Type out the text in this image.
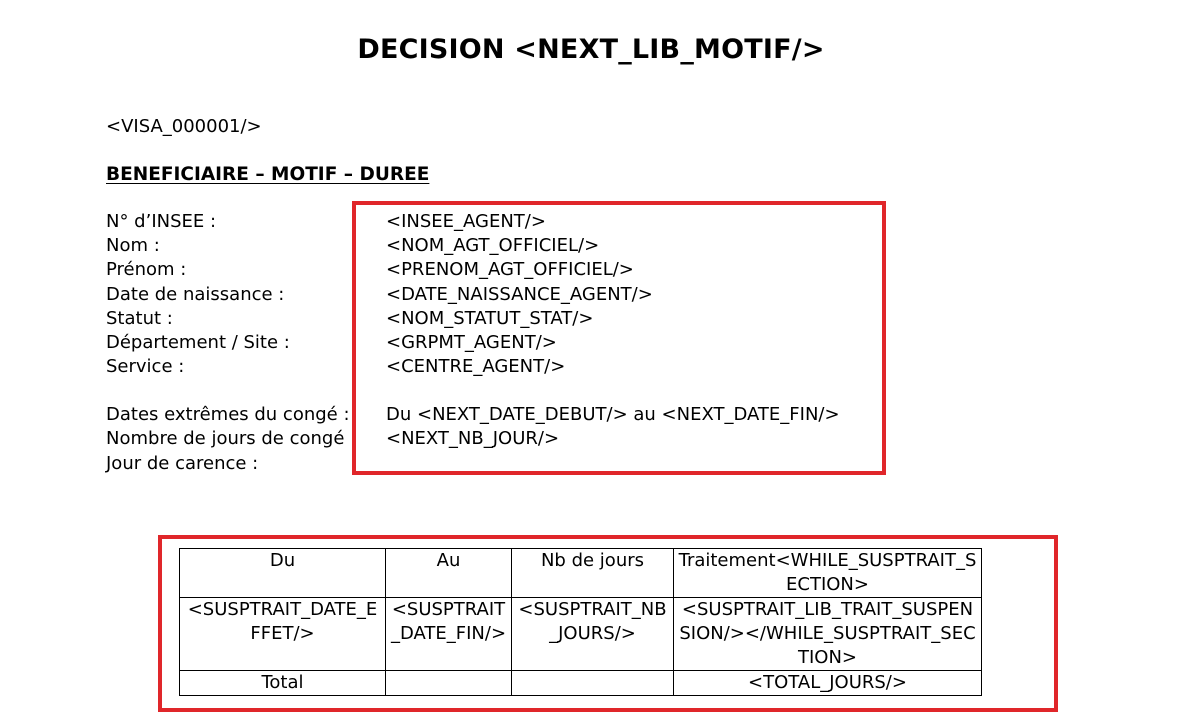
DECISION <NEXT_LIB_MOTIF/>
<VISA_000001/>
BENEFICIAIRE – MOTIF – DUREE
N° d’INSEE :	<INSEE_AGENT/>
Nom :	<NOM_AGT_OFFICIEL/>
Prénom :	<PRENOM_AGT_OFFICIEL/>
Date de naissance :	<DATE_NAISSANCE_AGENT/>
Statut :	<NOM_STATUT_STAT/>
Département / Site :	<GRPMT_AGENT/>
Service :	<CENTRE_AGENT/>
Dates extrêmes du congé : Du <NEXT_DATE_DEBUT/> au <NEXT_DATE_FIN/>
Nombre de jours de congé : <NEXT_NB_JOUR/>
Jour de carence :
Du	Au	Nb de jours	Traitement<WHILE_SUSPTRAIT_SECTION>
<SUSPTRAIT_DATE_EFFET/>	<SUSPTRAIT_DATE_FIN/>	<SUSPTRAIT_NB_JOURS/>	<SUSPTRAIT_LIB_TRAIT_SUSPENSION/></WHILE_SUSPTRAIT_SECTION>
Total			<TOTAL_JOURS/>
